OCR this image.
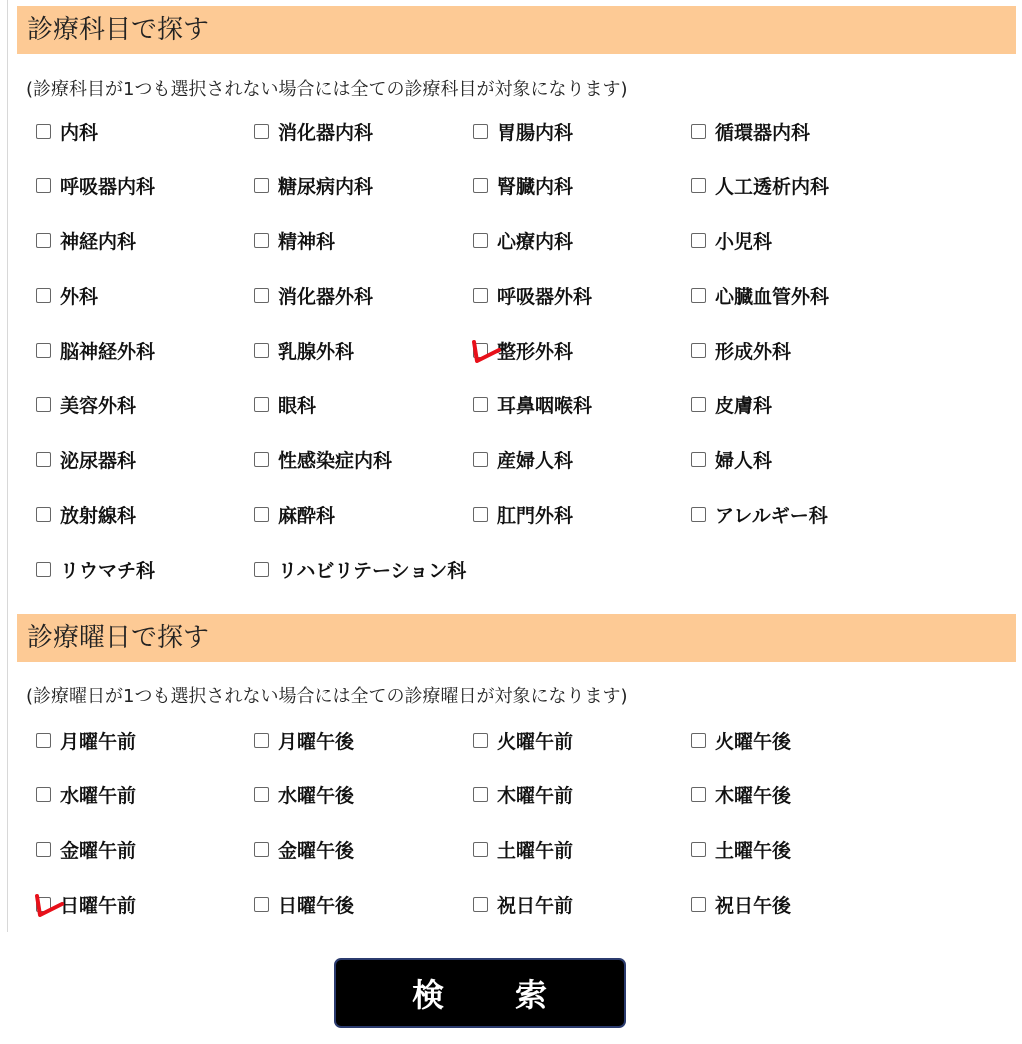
診療科目で探す
(診療科目が1つも選択されない場合には全ての診療科目が対象になります)
内科	消化器内科	胃腸内科	循環器内科
呼吸器内科	糖尿病内科	腎臓内科	人工透析内科
神経内科	精神科	心療内科	小児科
外科	消化器外科	呼吸器外科	心臓血管外科
脳神経外科	乳腺外科	整形外科	形成外科
美容外科	眼科	耳鼻咽喉科	皮膚科
泌尿器科	性感染症内科	産婦人科	婦人科
放射線科	麻酔科	肛門外科	アレルギー科
リウマチ科	リハビリテーション科
診療曜日で探す
(診療曜日が1つも選択されない場合には全ての診療曜日が対象になります)
月曜午前	月曜午後	火曜午前	火曜午後
水曜午前	水曜午後	木曜午前	木曜午後
金曜午前	金曜午後	土曜午前	土曜午後
日曜午前	日曜午後	祝日午前	祝日午後
検 索
